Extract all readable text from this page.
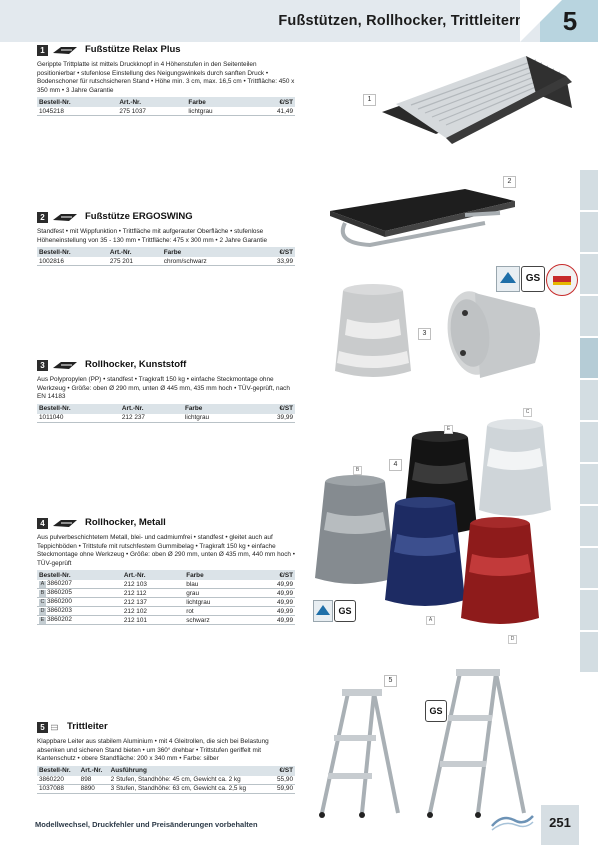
Fußstützen, Rollhocker, Trittleitern	5
1	Fußstütze Relax Plus
Gerippte Trittplatte ist mittels Druckknopf in 4 Höhenstufen in den Seitenteilen positionierbar • stufenlose Einstellung des Neigungswinkels durch sanften Druck • Bodenschoner für rutschsicheren Stand • Höhe min. 3 cm, max. 16,5 cm • Trittfläche: 450 x 350 mm • 3 Jahre Garantie
Bestell-Nr.	Art.-Nr.	Farbe	€/ST
1045218	275 1037	lichtgrau	41,49
2	Fußstütze ERGOSWING
Standfest • mit Wippfunktion • Trittfläche mit aufgerauter Oberfläche • stufenlose Höheneinstellung von 35 - 130 mm • Trittfläche: 475 x 300 mm • 2 Jahre Garantie
Bestell-Nr.	Art.-Nr.	Farbe	€/ST
1002816	275 201	chrom/schwarz	33,99
3	Rollhocker, Kunststoff
Aus Polypropylen (PP) • standfest • Tragkraft 150 kg • einfache Steckmontage ohne Werkzeug • Größe: oben Ø 290 mm, unten Ø 445 mm, 435 mm hoch • TÜV-geprüft, nach EN 14183
Bestell-Nr.	Art.-Nr.	Farbe	€/ST
1011040	212 237	lichtgrau	39,99
4	Rollhocker, Metall
Aus pulverbeschichtetem Metall, blei- und cadmiumfrei • standfest • gleitet auch auf Teppichböden • Trittstufe mit rutschfestem Gummibelag • Tragkraft 150 kg • einfache Steckmontage ohne Werkzeug • Größe: oben Ø 290 mm, unten Ø 435 mm, 440 mm hoch • TÜV-geprüft
Bestell-Nr.	Art.-Nr.	Farbe	€/ST
A 3860207	212 103	blau	49,99
B 3860205	212 112	grau	49,99
C 3860200	212 137	lichtgrau	49,99
D 3860203	212 102	rot	49,99
E 3860202	212 101	schwarz	49,99
5	Trittleiter
Klappbare Leiter aus stabilem Aluminium • mit 4 Gleitrollen, die sich bei Belastung absenken und sicheren Stand bieten • um 360° drehbar • Trittstufen geriffelt mit Kantenschutz • obere Standfläche: 200 x 340 mm • Farbe: silber
Bestell-Nr.	Art.-Nr.	Ausführung	€/ST
3860220	898	2 Stufen, Standhöhe: 45 cm, Gewicht ca. 2 kg	55,90
1037088	8890	3 Stufen, Standhöhe: 63 cm, Gewicht ca. 2,5 kg	59,90
1
2
GS
3
4
C
E
B
A
D
GS
5
GS
Modellwechsel, Druckfehler und Preisänderungen vorbehalten	251
